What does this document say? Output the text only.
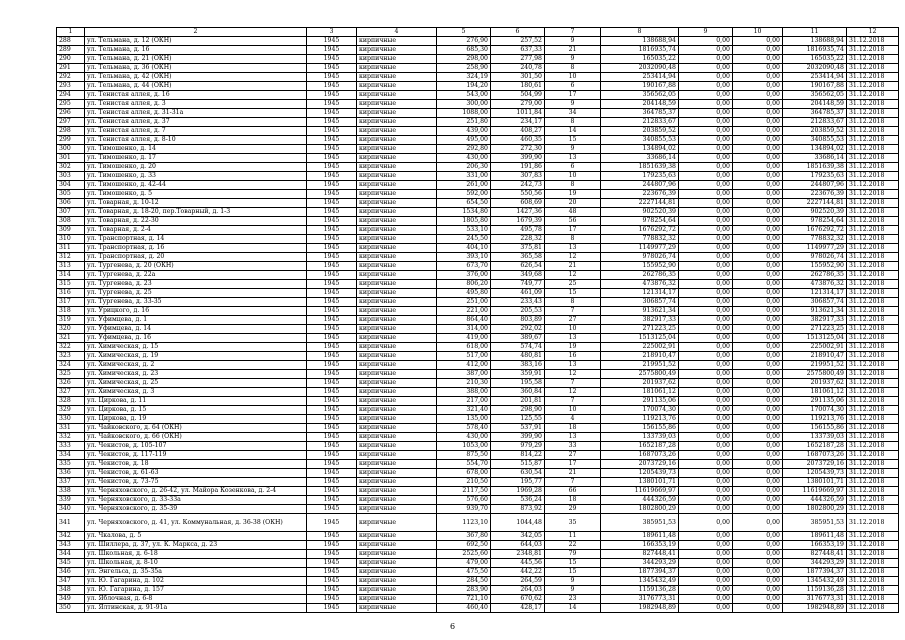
1	2	3	4	5	6	7	8	9	10	11	12
288	ул. Тельмана, д. 12 (ОКН)	1945	кирпичные	276,90	257,52	9	138688,94	0,00	0,00	138688,94	31.12.2018
289	ул. Тельмана, д. 16	1945	кирпичные	685,30	637,33	21	1816935,74	0,00	0,00	1816935,74	31.12.2018
290	ул. Тельмана, д. 21 (ОКН)	1945	кирпичные	298,00	277,98	9	165035,22	0,00	0,00	165035,22	31.12.2018
291	ул. Тельмана, д. 36 (ОКН)	1945	кирпичные	258,90	240,78	8	2032090,48	0,00	0,00	2032090,48	31.12.2018
292	ул. Тельмана, д. 42 (ОКН)	1945	кирпичные	324,19	301,50	10	253414,94	0,00	0,00	253414,94	31.12.2018
293	ул. Тельмана, д. 44 (ОКН)	1945	кирпичные	194,20	180,61	6	190167,88	0,00	0,00	190167,88	31.12.2018
294	ул. Тенистая аллея, д. 16	1945	кирпичные	543,00	504,99	17	356562,05	0,00	0,00	356562,05	31.12.2018
295	ул. Тенистая аллея, д. 3	1945	кирпичные	300,00	279,00	9	204148,59	0,00	0,00	204148,59	31.12.2018
296	ул. Тенистая аллея, д. 31-31а	1945	кирпичные	1088,00	1011,84	34	364785,37	0,00	0,00	364785,37	31.12.2018
297	ул. Тенистая аллея, д. 37	1945	кирпичные	251,80	234,17	8	212833,67	0,00	0,00	212833,67	31.12.2018
298	ул. Тенистая аллея, д. 7	1945	кирпичные	439,00	408,27	14	203859,52	0,00	0,00	203859,52	31.12.2018
299	ул. Тенистая аллея, д. 8-10	1945	кирпичные	495,00	460,35	15	340855,53	0,00	0,00	340855,53	31.12.2018
300	ул. Тимошенко, д. 14	1945	кирпичные	292,80	272,30	9	134894,02	0,00	0,00	134894,02	31.12.2018
301	ул. Тимошенко, д. 17	1945	кирпичные	430,00	399,90	13	33686,14	0,00	0,00	33686,14	31.12.2018
302	ул. Тимошенко, д. 20	1945	кирпичные	206,30	191,86	6	1851639,38	0,00	0,00	1851639,38	31.12.2018
303	ул. Тимошенко, д. 33	1945	кирпичные	331,00	307,83	10	179235,63	0,00	0,00	179235,63	31.12.2018
304	ул. Тимошенко, д. 42-44	1945	кирпичные	261,00	242,73	8	244807,96	0,00	0,00	244807,96	31.12.2018
305	ул. Тимошенко, д. 5	1945	кирпичные	592,00	550,56	19	223676,39	0,00	0,00	223676,39	31.12.2018
306	ул. Товарная, д. 10-12	1945	кирпичные	654,50	608,69	20	2227144,81	0,00	0,00	2227144,81	31.12.2018
307	ул. Товарная, д. 18-20, пер.Товарный, д. 1-3	1945	кирпичные	1534,80	1427,36	48	902520,39	0,00	0,00	902520,39	31.12.2018
308	ул. Товарная, д. 22-30	1945	кирпичные	1805,80	1679,39	56	978254,64	0,00	0,00	978254,64	31.12.2018
309	ул. Товарная, д. 2-4	1945	кирпичные	533,10	495,78	17	1676292,72	0,00	0,00	1676292,72	31.12.2018
310	ул. Транспортная, д. 14	1945	кирпичные	245,50	228,32	8	778832,32	0,00	0,00	778832,32	31.12.2018
311	ул. Транспортная, д. 16	1945	кирпичные	404,10	375,81	13	1149977,29	0,00	0,00	1149977,29	31.12.2018
312	ул. Транспортная, д. 20	1945	кирпичные	393,10	365,58	12	978026,74	0,00	0,00	978026,74	31.12.2018
313	ул. Тургенева, д. 20 (ОКН)	1945	кирпичные	673,70	626,54	21	155952,90	0,00	0,00	155952,90	31.12.2018
314	ул. Тургенева, д. 22а	1945	кирпичные	376,00	349,68	12	262786,35	0,00	0,00	262786,35	31.12.2018
315	ул. Тургенева, д. 23	1945	кирпичные	806,20	749,77	25	473876,32	0,00	0,00	473876,32	31.12.2018
316	ул. Тургенева, д. 25	1945	кирпичные	495,80	461,09	15	121314,17	0,00	0,00	121314,17	31.12.2018
317	ул. Тургенева, д. 33-35	1945	кирпичные	251,00	233,43	8	306857,74	0,00	0,00	306857,74	31.12.2018
318	ул. Урицкого, д. 16	1945	кирпичные	221,00	205,53	7	913621,34	0,00	0,00	913621,34	31.12.2018
319	ул. Уфимцева, д. 1	1945	кирпичные	864,40	803,89	27	382917,33	0,00	0,00	382917,33	31.12.2018
320	ул. Уфимцева, д. 14	1945	кирпичные	314,00	292,02	10	271223,25	0,00	0,00	271223,25	31.12.2018
321	ул. Уфимцева, д. 16	1945	кирпичные	419,00	389,67	13	1513125,04	0,00	0,00	1513125,04	31.12.2018
322	ул. Химическая, д. 15	1945	кирпичные	618,00	574,74	19	225002,91	0,00	0,00	225002,91	31.12.2018
323	ул. Химическая, д. 19	1945	кирпичные	517,00	480,81	16	218910,47	0,00	0,00	218910,47	31.12.2018
324	ул. Химическая, д. 2	1945	кирпичные	412,00	383,16	13	219951,52	0,00	0,00	219951,52	31.12.2018
325	ул. Химическая, д. 23	1945	кирпичные	387,00	359,91	12	2575800,49	0,00	0,00	2575800,49	31.12.2018
326	ул. Химическая, д. 25	1945	кирпичные	210,30	195,58	7	201937,62	0,00	0,00	201937,62	31.12.2018
327	ул. Химическая, д. 3	1945	кирпичные	388,00	360,84	12	181061,12	0,00	0,00	181061,12	31.12.2018
328	ул. Циркова, д. 11	1945	кирпичные	217,00	201,81	7	291135,06	0,00	0,00	291135,06	31.12.2018
329	ул. Циркова, д. 15	1945	кирпичные	321,40	298,90	10	170074,30	0,00	0,00	170074,30	31.12.2018
330	ул. Циркова, д. 19	1945	кирпичные	135,00	125,55	4	119213,76	0,00	0,00	119213,76	31.12.2018
331	ул. Чайковского, д. 64 (ОКН)	1945	кирпичные	578,40	537,91	18	156155,86	0,00	0,00	156155,86	31.12.2018
332	ул. Чайковского, д. 66 (ОКН)	1945	кирпичные	430,00	399,90	13	133739,03	0,00	0,00	133739,03	31.12.2018
333	ул. Чекистов, д. 105-107	1945	кирпичные	1053,00	979,29	33	1652187,28	0,00	0,00	1652187,28	31.12.2018
334	ул. Чекистов, д. 117-119	1945	кирпичные	875,50	814,22	27	1687073,26	0,00	0,00	1687073,26	31.12.2018
335	ул. Чекистов, д. 18	1945	кирпичные	554,70	515,87	17	2073729,16	0,00	0,00	2073729,16	31.12.2018
336	ул. Чекистов, д. 61-63	1945	кирпичные	678,00	630,54	21	1205439,73	0,00	0,00	1205439,73	31.12.2018
337	ул. Чекистов, д. 73-75	1945	кирпичные	210,50	195,77	7	1380101,71	0,00	0,00	1380101,71	31.12.2018
338	ул. Черняховского, д. 26-42, ул. Майора Козенкова, д. 2-4	1945	кирпичные	2117,50	1969,28	66	11619669,97	0,00	0,00	11619669,97	31.12.2018
339	ул. Черняховского, д. 33-33а	1945	кирпичные	576,60	536,24	18	444326,59	0,00	0,00	444326,59	31.12.2018
340	ул. Черняховского, д. 35-39	1945	кирпичные	939,70	873,92	29	1802800,29	0,00	0,00	1802800,29	31.12.2018
341	ул. Черняховского, д. 41, ул. Коммунальная, д. 36-38 (ОКН)	1945	кирпичные	1123,10	1044,48	35	385951,53	0,00	0,00	385951,53	31.12.2018
342	ул. Чкалова, д. 5	1945	кирпичные	367,80	342,05	11	189611,48	0,00	0,00	189611,48	31.12.2018
343	ул. Шиллера, д. 37, ул. К. Маркса, д. 23	1945	кирпичные	692,50	644,03	22	166353,19	0,00	0,00	166353,19	31.12.2018
344	ул. Школьная, д. 6-18	1945	кирпичные	2525,60	2348,81	79	827448,41	0,00	0,00	827448,41	31.12.2018
345	ул. Школьная, д. 8-10	1945	кирпичные	479,00	445,56	15	344293,29	0,00	0,00	344293,29	31.12.2018
346	ул. Энгельса, д. 35-35а	1945	кирпичные	475,50	442,22	15	1877394,37	0,00	0,00	1877394,37	31.12.2018
347	ул. Ю. Гагарина, д. 102	1945	кирпичные	284,50	264,59	9	1345432,49	0,00	0,00	1345432,49	31.12.2018
348	ул. Ю. Гагарина, д. 157	1945	кирпичные	283,90	264,03	9	1159136,28	0,00	0,00	1159136,28	31.12.2018
349	ул. Яблочная, д. 6-8	1945	кирпичные	721,10	670,62	23	3176773,31	0,00	0,00	3176773,31	31.12.2018
350	ул. Ялтинская, д. 91-91а	1945	кирпичные	460,40	428,17	14	1982948,89	0,00	0,00	1982948,89	31.12.2018
6
